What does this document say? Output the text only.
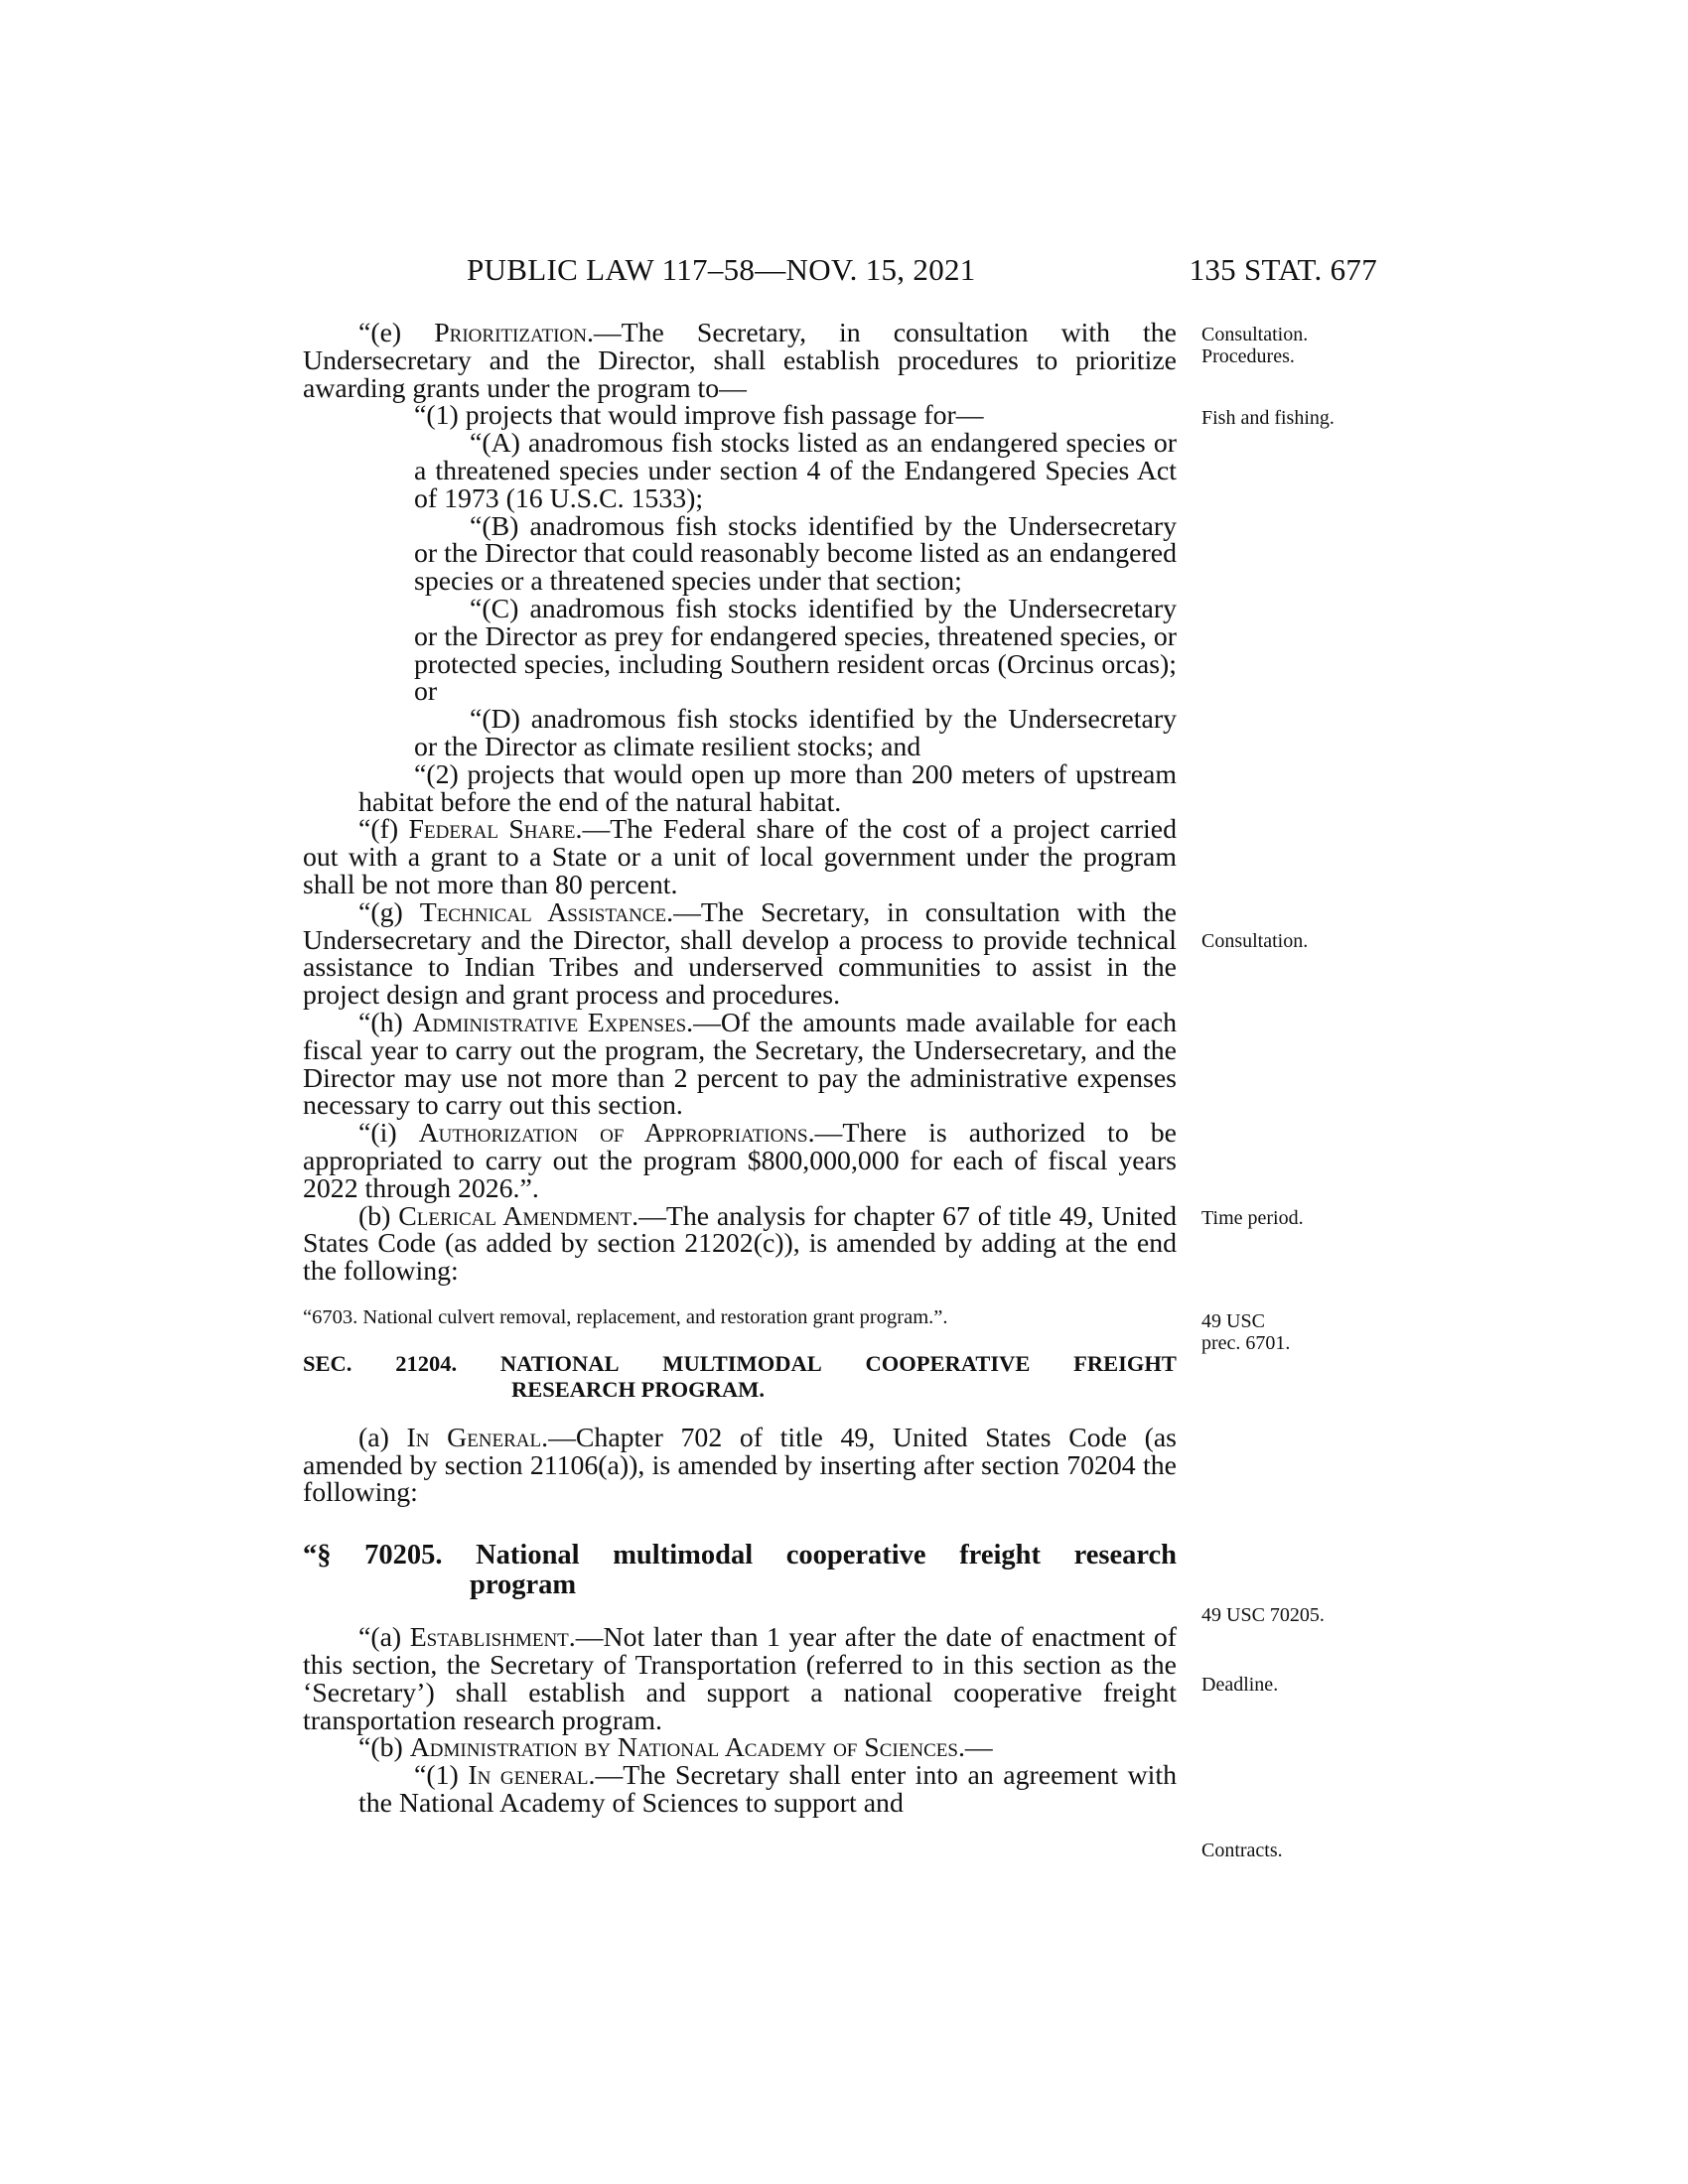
PUBLIC LAW 117–58—NOV. 15, 2021	135 STAT. 677

“(e) Prioritization.—The Secretary, in consultation with the Undersecretary and the Director, shall establish procedures to prioritize awarding grants under the program to—

“(1) projects that would improve fish passage for—

“(A) anadromous fish stocks listed as an endangered species or a threatened species under section 4 of the Endangered Species Act of 1973 (16 U.S.C. 1533);

“(B) anadromous fish stocks identified by the Undersecretary or the Director that could reasonably become listed as an endangered species or a threatened species under that section;

“(C) anadromous fish stocks identified by the Undersecretary or the Director as prey for endangered species, threatened species, or protected species, including Southern resident orcas (Orcinus orcas); or

“(D) anadromous fish stocks identified by the Undersecretary or the Director as climate resilient stocks; and

“(2) projects that would open up more than 200 meters of upstream habitat before the end of the natural habitat.

“(f) Federal Share.—The Federal share of the cost of a project carried out with a grant to a State or a unit of local government under the program shall be not more than 80 percent.

“(g) Technical Assistance.—The Secretary, in consultation with the Undersecretary and the Director, shall develop a process to provide technical assistance to Indian Tribes and underserved communities to assist in the project design and grant process and procedures.

“(h) Administrative Expenses.—Of the amounts made available for each fiscal year to carry out the program, the Secretary, the Undersecretary, and the Director may use not more than 2 percent to pay the administrative expenses necessary to carry out this section.

“(i) Authorization of Appropriations.—There is authorized to be appropriated to carry out the program $800,000,000 for each of fiscal years 2022 through 2026.”.

(b) Clerical Amendment.—The analysis for chapter 67 of title 49, United States Code (as added by section 21202(c)), is amended by adding at the end the following:

“6703. National culvert removal, replacement, and restoration grant program.”.

SEC. 21204. NATIONAL MULTIMODAL COOPERATIVE FREIGHT
RESEARCH PROGRAM.

(a) In General.—Chapter 702 of title 49, United States Code (as amended by section 21106(a)), is amended by inserting after section 70204 the following:

“§ 70205. National multimodal cooperative freight research
program

“(a) Establishment.—Not later than 1 year after the date of enactment of this section, the Secretary of Transportation (referred to in this section as the ‘Secretary’) shall establish and support a national cooperative freight transportation research program.

“(b) Administration by National Academy of Sciences.—

“(1) In general.—The Secretary shall enter into an agreement with the National Academy of Sciences to support and

Consultation.
Procedures.
Fish and fishing.
Consultation.
Time period.
49 USC
prec. 6701.
49 USC 70205.
Deadline.
Contracts.
